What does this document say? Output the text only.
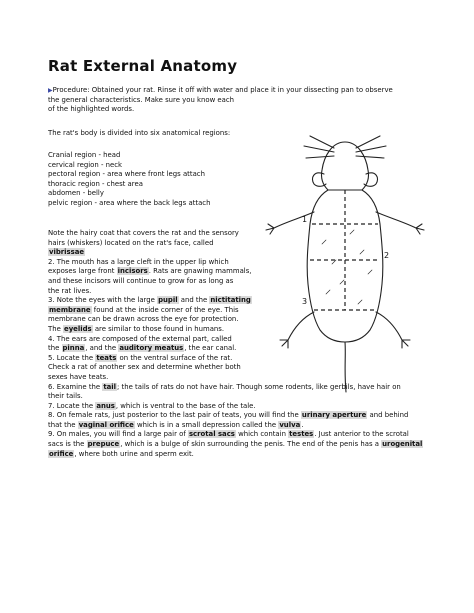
Rat External Anatomy
▶Procedure: Obtained your rat. Rinse it off with water and place it in your dissecting pan to observe
the general characteristics. Make sure you know each
of the highlighted words.
The rat's body is divided into six anatomical regions:
Cranial region - head
cervical region - neck
pectoral region - area where front legs attach
thoracic region - chest area
abdomen - belly
pelvic region - area where the back legs attach
Note the hairy coat that covers the rat and the sensory
hairs (whiskers) located on the rat's face, called
vibrissae
2. The mouth has a large cleft in the upper lip which
exposes large front incisors. Rats are gnawing mammals,
and these incisors will continue to grow for as long as
the rat lives.
3. Note the eyes with the large pupil and the nictitating
membrane found at the inside corner of the eye. This
membrane can be drawn across the eye for protection.
The eyelids are similar to those found in humans.
4. The ears are composed of the external part, called
the pinna, and the auditory meatus, the ear canal.
5. Locate the teats on the ventral surface of the rat.
Check a rat of another sex and determine whether both
sexes have teats.
6. Examine the tail; the tails of rats do not have hair. Though some rodents, like gerbils, have hair on
their tails.
7. Locate the anus, which is ventral to the base of the tale.
8. On female rats, just posterior to the last pair of teats, you will find the urinary aperture and behind
that the vaginal orifice which is in a small depression called the vulva.
9. On males, you will find a large pair of scrotal sacs which contain testes. Just anterior to the scrotal
sacs is the prepuce, which is a bulge of skin surrounding the penis. The end of the penis has a urogenital
orifice, where both urine and sperm exit.
1
2
3
